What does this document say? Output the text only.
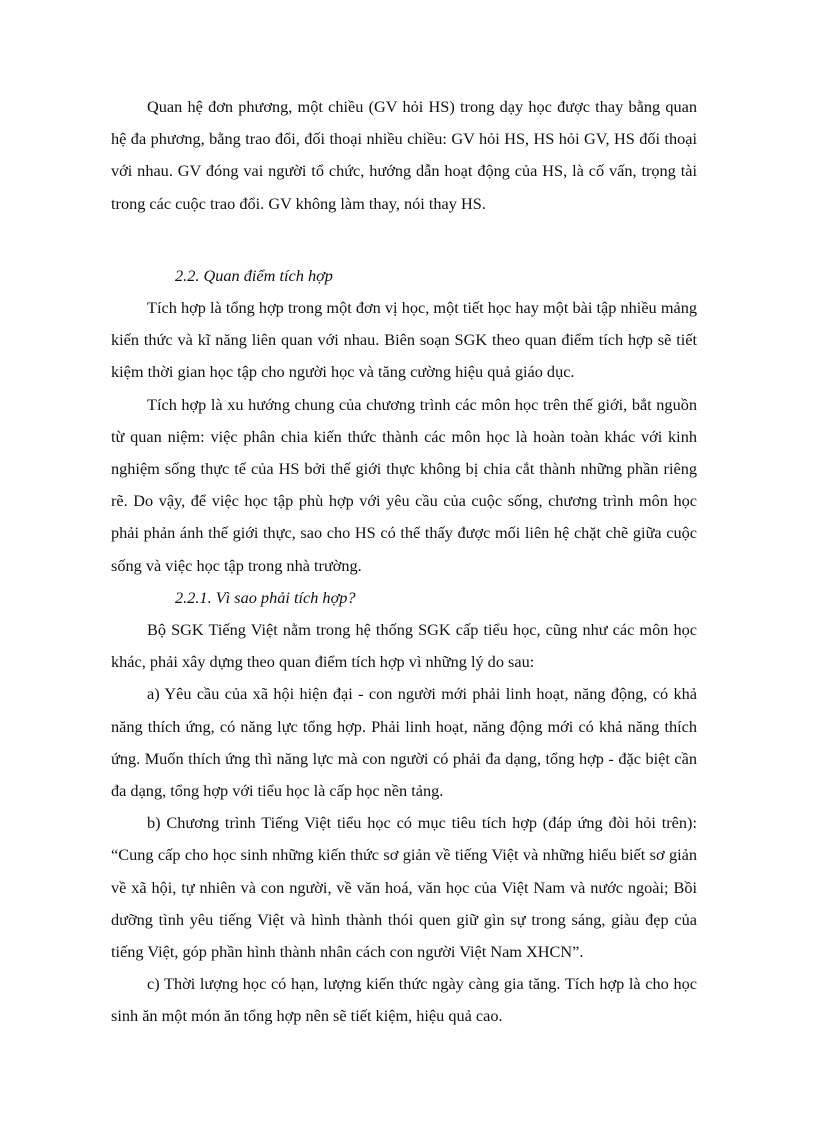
Quan hệ đơn phương, một chiều (GV hỏi HS) trong dạy học được thay bằng quan hệ đa phương, bằng trao đổi, đối thoại nhiều chiều: GV hỏi HS, HS hỏi GV, HS đối thoại với nhau. GV đóng vai người tổ chức, hướng dẫn hoạt động của HS, là cố vấn, trọng tài trong các cuộc trao đổi. GV không làm thay, nói thay HS.

2.2. Quan điểm tích hợp

Tích hợp là tổng hợp trong một đơn vị học, một tiết học hay một bài tập nhiều mảng kiến thức và kĩ năng liên quan với nhau. Biên soạn SGK theo quan điểm tích hợp sẽ tiết kiệm thời gian học tập cho người học và tăng cường hiệu quả giáo dục.

Tích hợp là xu hướng chung của chương trình các môn học trên thế giới, bắt nguồn từ quan niệm: việc phân chia kiến thức thành các môn học là hoàn toàn khác với kinh nghiệm sống thực tế của HS bởi thế giới thực không bị chia cắt thành những phần riêng rẽ. Do vậy, để việc học tập phù hợp với yêu cầu của cuộc sống, chương trình môn học phải phản ánh thế giới thực, sao cho HS có thể thấy được mối liên hệ chặt chẽ giữa cuộc sống và việc học tập trong nhà trường.

2.2.1. Vì sao phải tích hợp?

Bộ SGK Tiếng Việt nằm trong hệ thống SGK cấp tiểu học, cũng như các môn học khác, phải xây dựng theo quan điểm tích hợp vì những lý do sau:

a) Yêu cầu của xã hội hiện đại - con người mới phải linh hoạt, năng động, có khả năng thích ứng, có năng lực tổng hợp. Phải linh hoạt, năng động mới có khả năng thích ứng. Muốn thích ứng thì năng lực mà con người có phải đa dạng, tổng hợp - đặc biệt cần đa dạng, tổng hợp với tiểu học là cấp học nền tảng.

b) Chương trình Tiếng Việt tiểu học có mục tiêu tích hợp (đáp ứng đòi hỏi trên): “Cung cấp cho học sinh những kiến thức sơ giản về tiếng Việt và những hiểu biết sơ giản về xã hội, tự nhiên và con người, về văn hoá, văn học của Việt Nam và nước ngoài; Bồi dưỡng tình yêu tiếng Việt và hình thành thói quen giữ gìn sự trong sáng, giàu đẹp của tiếng Việt, góp phần hình thành nhân cách con người Việt Nam XHCN”.

c) Thời lượng học có hạn, lượng kiến thức ngày càng gia tăng. Tích hợp là cho học sinh ăn một món ăn tổng hợp nên sẽ tiết kiệm, hiệu quả cao.
